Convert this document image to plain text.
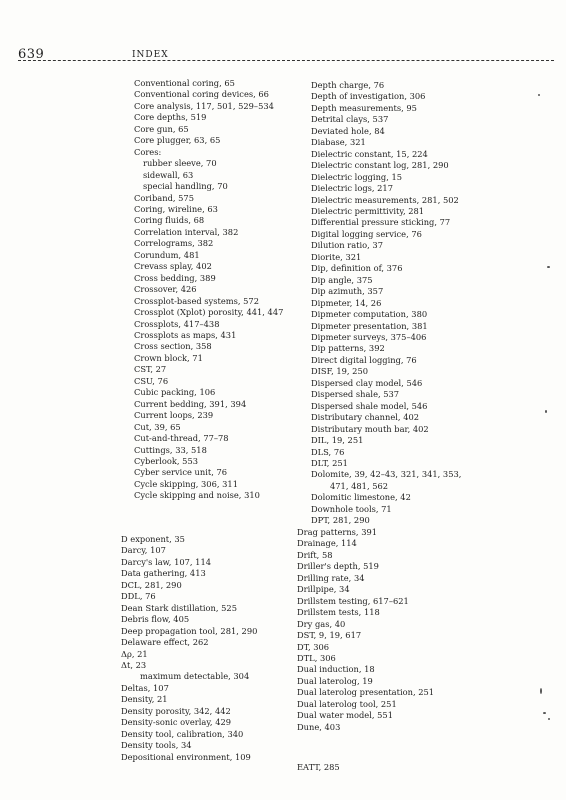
639	INDEX
Conventional coring, 65
Conventional coring devices, 66
Core analysis, 117, 501, 529–534
Core depths, 519
Core gun, 65
Core plugger, 63, 65
Cores:
rubber sleeve, 70
sidewall, 63
special handling, 70
Coriband, 575
Coring, wireline, 63
Coring fluids, 68
Correlation interval, 382
Correlograms, 382
Corundum, 481
Crevass splay, 402
Cross bedding, 389
Crossover, 426
Crossplot-based systems, 572
Crossplot (Xplot) porosity, 441, 447
Crossplots, 417–438
Crossplots as maps, 431
Cross section, 358
Crown block, 71
CST, 27
CSU, 76
Cubic packing, 106
Current bedding, 391, 394
Current loops, 239
Cut, 39, 65
Cut-and-thread, 77–78
Cuttings, 33, 518
Cyberlook, 553
Cyber service unit, 76
Cycle skipping, 306, 311
Cycle skipping and noise, 310
D exponent, 35
Darcy, 107
Darcy's law, 107, 114
Data gathering, 413
DCL, 281, 290
DDL, 76
Dean Stark distillation, 525
Debris flow, 405
Deep propagation tool, 281, 290
Delaware effect, 262
Δρ, 21
Δt, 23
maximum detectable, 304
Deltas, 107
Density, 21
Density porosity, 342, 442
Density-sonic overlay, 429
Density tool, calibration, 340
Density tools, 34
Depositional environment, 109
Depth charge, 76
Depth of investigation, 306
Depth measurements, 95
Detrital clays, 537
Deviated hole, 84
Diabase, 321
Dielectric constant, 15, 224
Dielectric constant log, 281, 290
Dielectric logging, 15
Dielectric logs, 217
Dielectric measurements, 281, 502
Dielectric permittivity, 281
Differential pressure sticking, 77
Digital logging service, 76
Dilution ratio, 37
Diorite, 321
Dip, definition of, 376
Dip angle, 375
Dip azimuth, 357
Dipmeter, 14, 26
Dipmeter computation, 380
Dipmeter presentation, 381
Dipmeter surveys, 375–406
Dip patterns, 392
Direct digital logging, 76
DISF, 19, 250
Dispersed clay model, 546
Dispersed shale, 537
Dispersed shale model, 546
Distributary channel, 402
Distributary mouth bar, 402
DIL, 19, 251
DLS, 76
DLT, 251
Dolomite, 39, 42–43, 321, 341, 353,
471, 481, 562
Dolomitic limestone, 42
Downhole tools, 71
DPT, 281, 290
Drag patterns, 391
Drainage, 114
Drift, 58
Driller's depth, 519
Drilling rate, 34
Drillpipe, 34
Drillstem testing, 617–621
Drillstem tests, 118
Dry gas, 40
DST, 9, 19, 617
DT, 306
DTL, 306
Dual induction, 18
Dual laterolog, 19
Dual laterolog presentation, 251
Dual laterolog tool, 251
Dual water model, 551
Dune, 403
EATT, 285
